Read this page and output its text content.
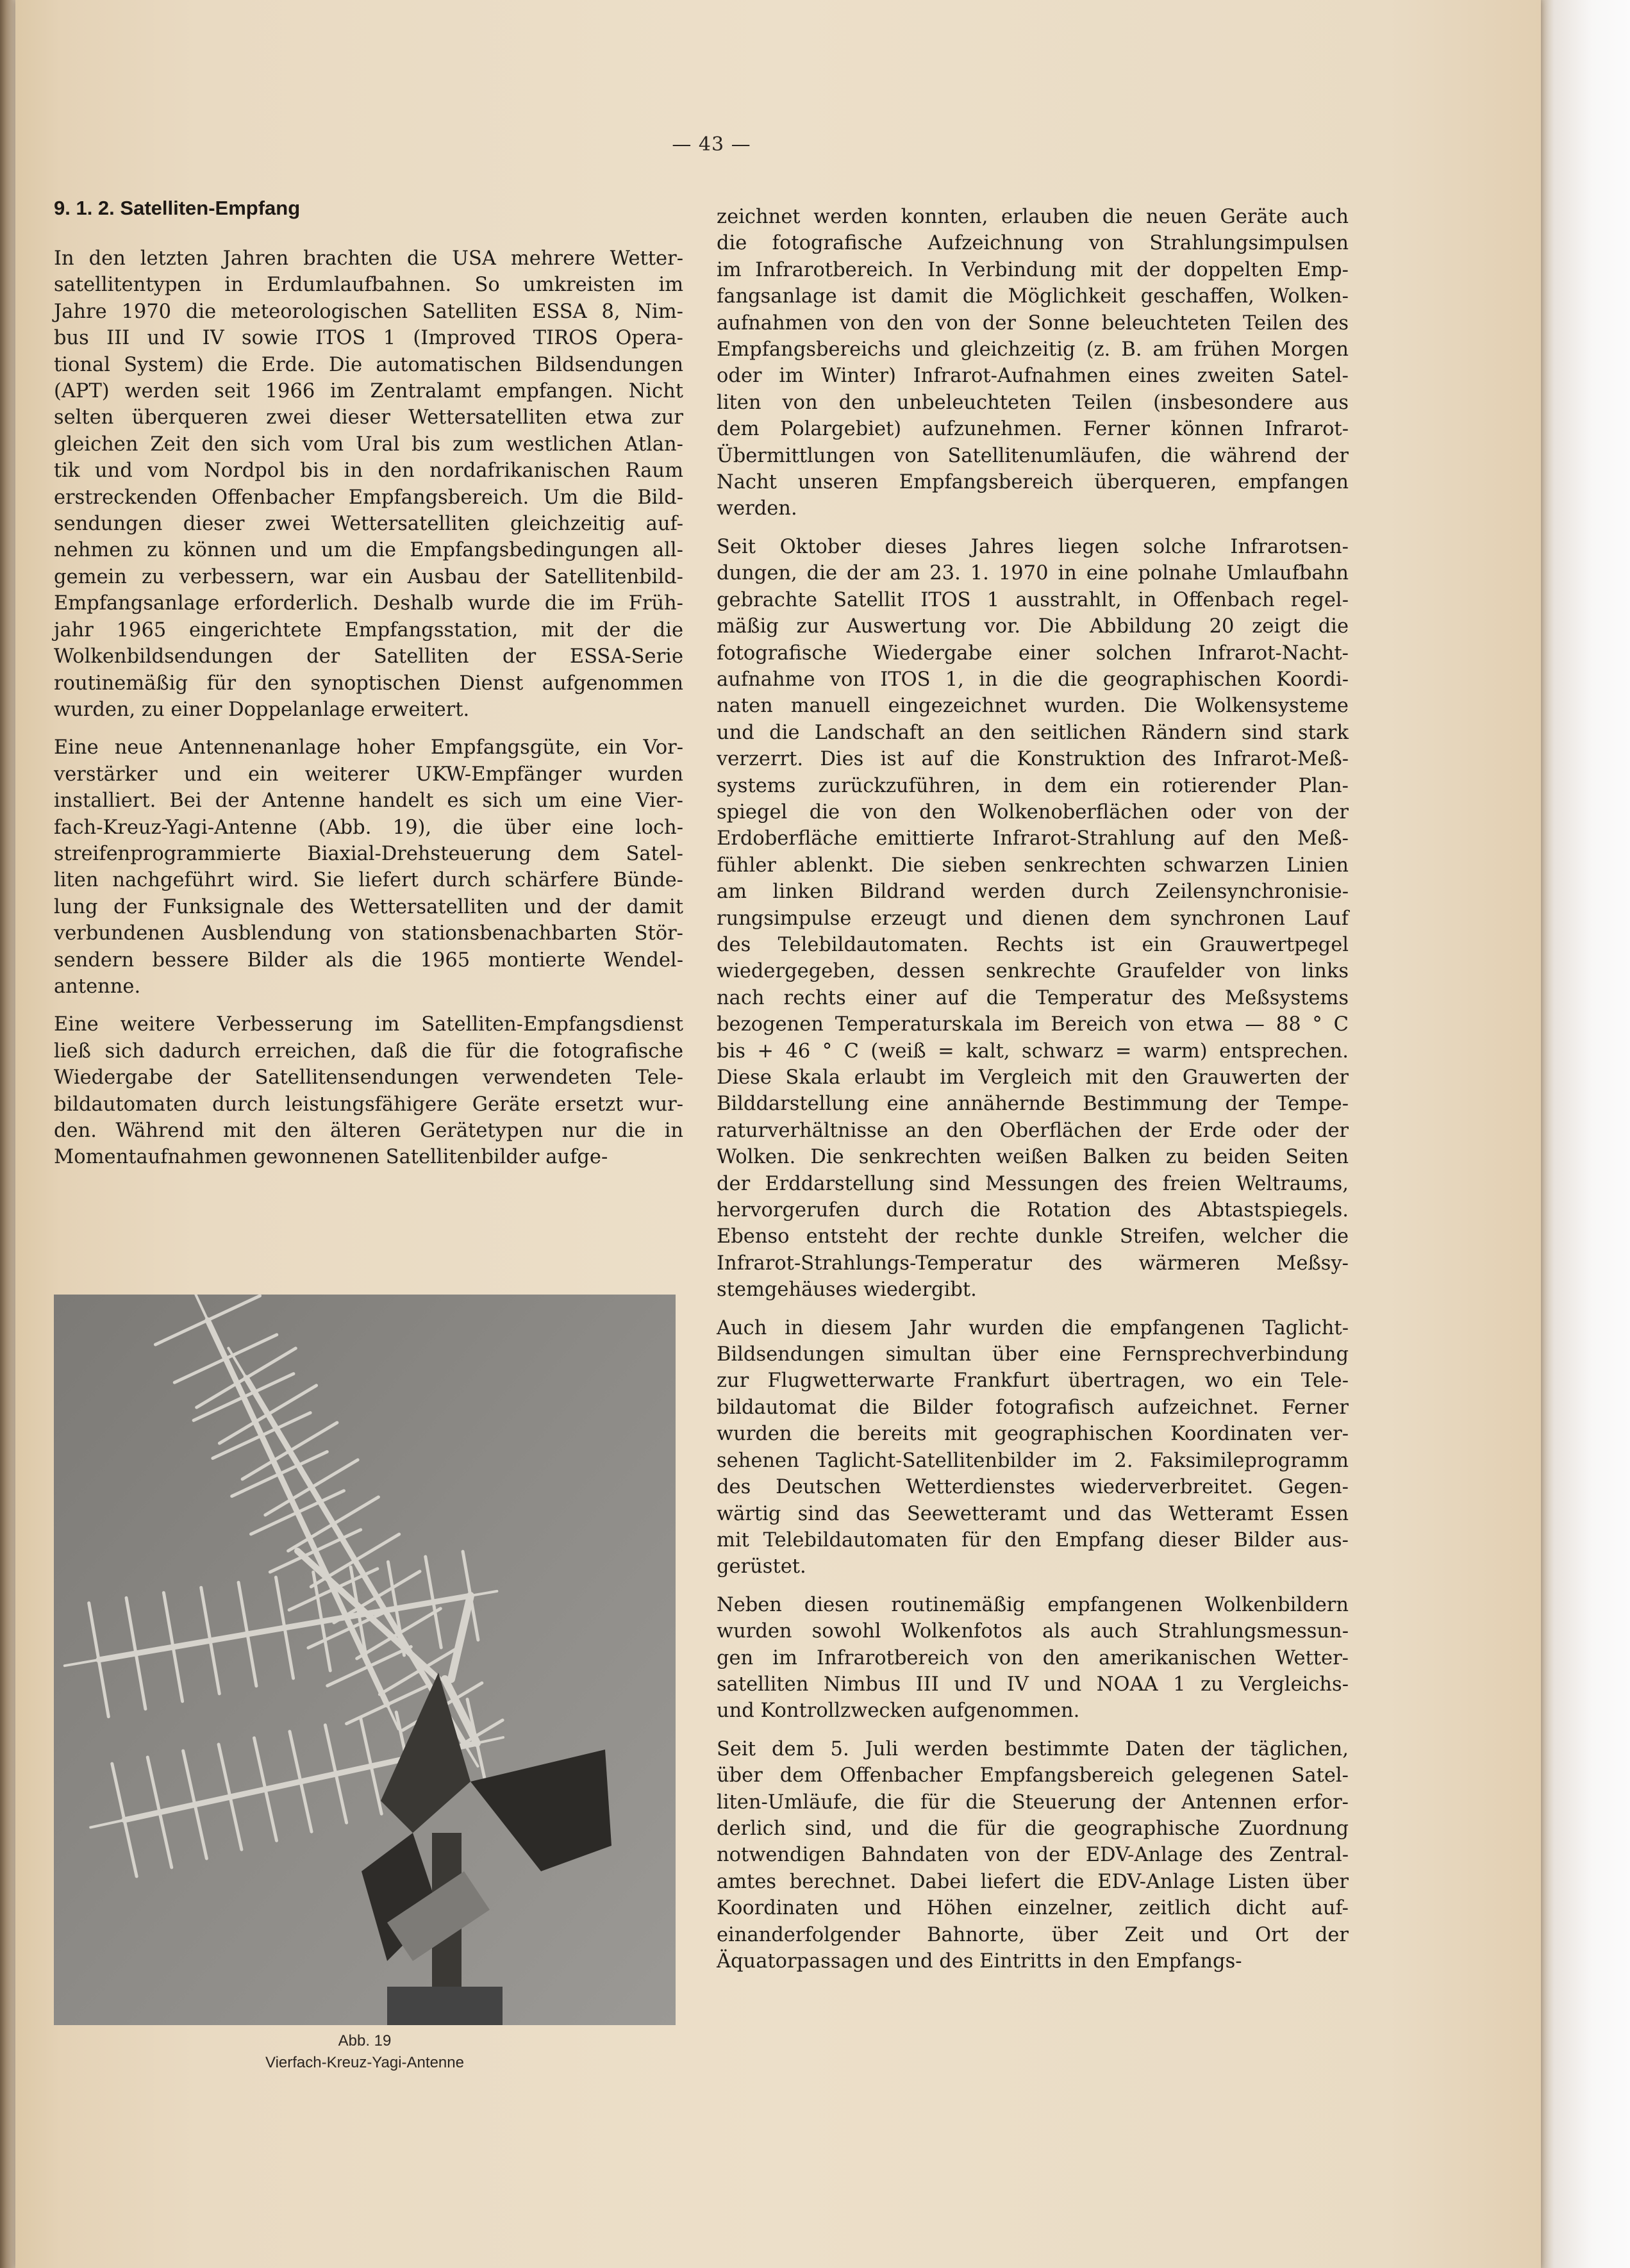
— 43 —
9. 1. 2. Satelliten-Empfang
In den letzten Jahren brachten die USA mehrere Wetter-
satellitentypen in Erdumlaufbahnen. So umkreisten im
Jahre 1970 die meteorologischen Satelliten ESSA 8, Nim-
bus III und IV sowie ITOS 1 (Improved TIROS Opera-
tional System) die Erde. Die automatischen Bildsendungen
(APT) werden seit 1966 im Zentralamt empfangen. Nicht
selten überqueren zwei dieser Wettersatelliten etwa zur
gleichen Zeit den sich vom Ural bis zum westlichen Atlan-
tik und vom Nordpol bis in den nordafrikanischen Raum
erstreckenden Offenbacher Empfangsbereich. Um die Bild-
sendungen dieser zwei Wettersatelliten gleichzeitig auf-
nehmen zu können und um die Empfangsbedingungen all-
gemein zu verbessern, war ein Ausbau der Satellitenbild-
Empfangsanlage erforderlich. Deshalb wurde die im Früh-
jahr 1965 eingerichtete Empfangsstation, mit der die
Wolkenbildsendungen der Satelliten der ESSA-Serie
routinemäßig für den synoptischen Dienst aufgenommen
wurden, zu einer Doppelanlage erweitert.
Eine neue Antennenanlage hoher Empfangsgüte, ein Vor-
verstärker und ein weiterer UKW-Empfänger wurden
installiert. Bei der Antenne handelt es sich um eine Vier-
fach-Kreuz-Yagi-Antenne (Abb. 19), die über eine loch-
streifenprogrammierte Biaxial-Drehsteuerung dem Satel-
liten nachgeführt wird. Sie liefert durch schärfere Bünde-
lung der Funksignale des Wettersatelliten und der damit
verbundenen Ausblendung von stationsbenachbarten Stör-
sendern bessere Bilder als die 1965 montierte Wendel-
antenne.
Eine weitere Verbesserung im Satelliten-Empfangsdienst
ließ sich dadurch erreichen, daß die für die fotografische
Wiedergabe der Satellitensendungen verwendeten Tele-
bildautomaten durch leistungsfähigere Geräte ersetzt wur-
den. Während mit den älteren Gerätetypen nur die in
Momentaufnahmen gewonnenen Satellitenbilder aufge-
Abb. 19
Vierfach-Kreuz-Yagi-Antenne
zeichnet werden konnten, erlauben die neuen Geräte auch
die fotografische Aufzeichnung von Strahlungsimpulsen
im Infrarotbereich. In Verbindung mit der doppelten Emp-
fangsanlage ist damit die Möglichkeit geschaffen, Wolken-
aufnahmen von den von der Sonne beleuchteten Teilen des
Empfangsbereichs und gleichzeitig (z. B. am frühen Morgen
oder im Winter) Infrarot-Aufnahmen eines zweiten Satel-
liten von den unbeleuchteten Teilen (insbesondere aus
dem Polargebiet) aufzunehmen. Ferner können Infrarot-
Übermittlungen von Satellitenumläufen, die während der
Nacht unseren Empfangsbereich überqueren, empfangen
werden.
Seit Oktober dieses Jahres liegen solche Infrarotsen-
dungen, die der am 23. 1. 1970 in eine polnahe Umlaufbahn
gebrachte Satellit ITOS 1 ausstrahlt, in Offenbach regel-
mäßig zur Auswertung vor. Die Abbildung 20 zeigt die
fotografische Wiedergabe einer solchen Infrarot-Nacht-
aufnahme von ITOS 1, in die die geographischen Koordi-
naten manuell eingezeichnet wurden. Die Wolkensysteme
und die Landschaft an den seitlichen Rändern sind stark
verzerrt. Dies ist auf die Konstruktion des Infrarot-Meß-
systems zurückzuführen, in dem ein rotierender Plan-
spiegel die von den Wolkenoberflächen oder von der
Erdoberfläche emittierte Infrarot-Strahlung auf den Meß-
fühler ablenkt. Die sieben senkrechten schwarzen Linien
am linken Bildrand werden durch Zeilensynchronisie-
rungsimpulse erzeugt und dienen dem synchronen Lauf
des Telebildautomaten. Rechts ist ein Grauwertpegel
wiedergegeben, dessen senkrechte Graufelder von links
nach rechts einer auf die Temperatur des Meßsystems
bezogenen Temperaturskala im Bereich von etwa — 88 ° C
bis + 46 ° C (weiß = kalt, schwarz = warm) entsprechen.
Diese Skala erlaubt im Vergleich mit den Grauwerten der
Bilddarstellung eine annähernde Bestimmung der Tempe-
raturverhältnisse an den Oberflächen der Erde oder der
Wolken. Die senkrechten weißen Balken zu beiden Seiten
der Erddarstellung sind Messungen des freien Weltraums,
hervorgerufen durch die Rotation des Abtastspiegels.
Ebenso entsteht der rechte dunkle Streifen, welcher die
Infrarot-Strahlungs-Temperatur des wärmeren Meßsy-
stemgehäuses wiedergibt.
Auch in diesem Jahr wurden die empfangenen Taglicht-
Bildsendungen simultan über eine Fernsprechverbindung
zur Flugwetterwarte Frankfurt übertragen, wo ein Tele-
bildautomat die Bilder fotografisch aufzeichnet. Ferner
wurden die bereits mit geographischen Koordinaten ver-
sehenen Taglicht-Satellitenbilder im 2. Faksimileprogramm
des Deutschen Wetterdienstes wiederverbreitet. Gegen-
wärtig sind das Seewetteramt und das Wetteramt Essen
mit Telebildautomaten für den Empfang dieser Bilder aus-
gerüstet.
Neben diesen routinemäßig empfangenen Wolkenbildern
wurden sowohl Wolkenfotos als auch Strahlungsmessun-
gen im Infrarotbereich von den amerikanischen Wetter-
satelliten Nimbus III und IV und NOAA 1 zu Vergleichs-
und Kontrollzwecken aufgenommen.
Seit dem 5. Juli werden bestimmte Daten der täglichen,
über dem Offenbacher Empfangsbereich gelegenen Satel-
liten-Umläufe, die für die Steuerung der Antennen erfor-
derlich sind, und die für die geographische Zuordnung
notwendigen Bahndaten von der EDV-Anlage des Zentral-
amtes berechnet. Dabei liefert die EDV-Anlage Listen über
Koordinaten und Höhen einzelner, zeitlich dicht auf-
einanderfolgender Bahnorte, über Zeit und Ort der
Äquatorpassagen und des Eintritts in den Empfangs-
